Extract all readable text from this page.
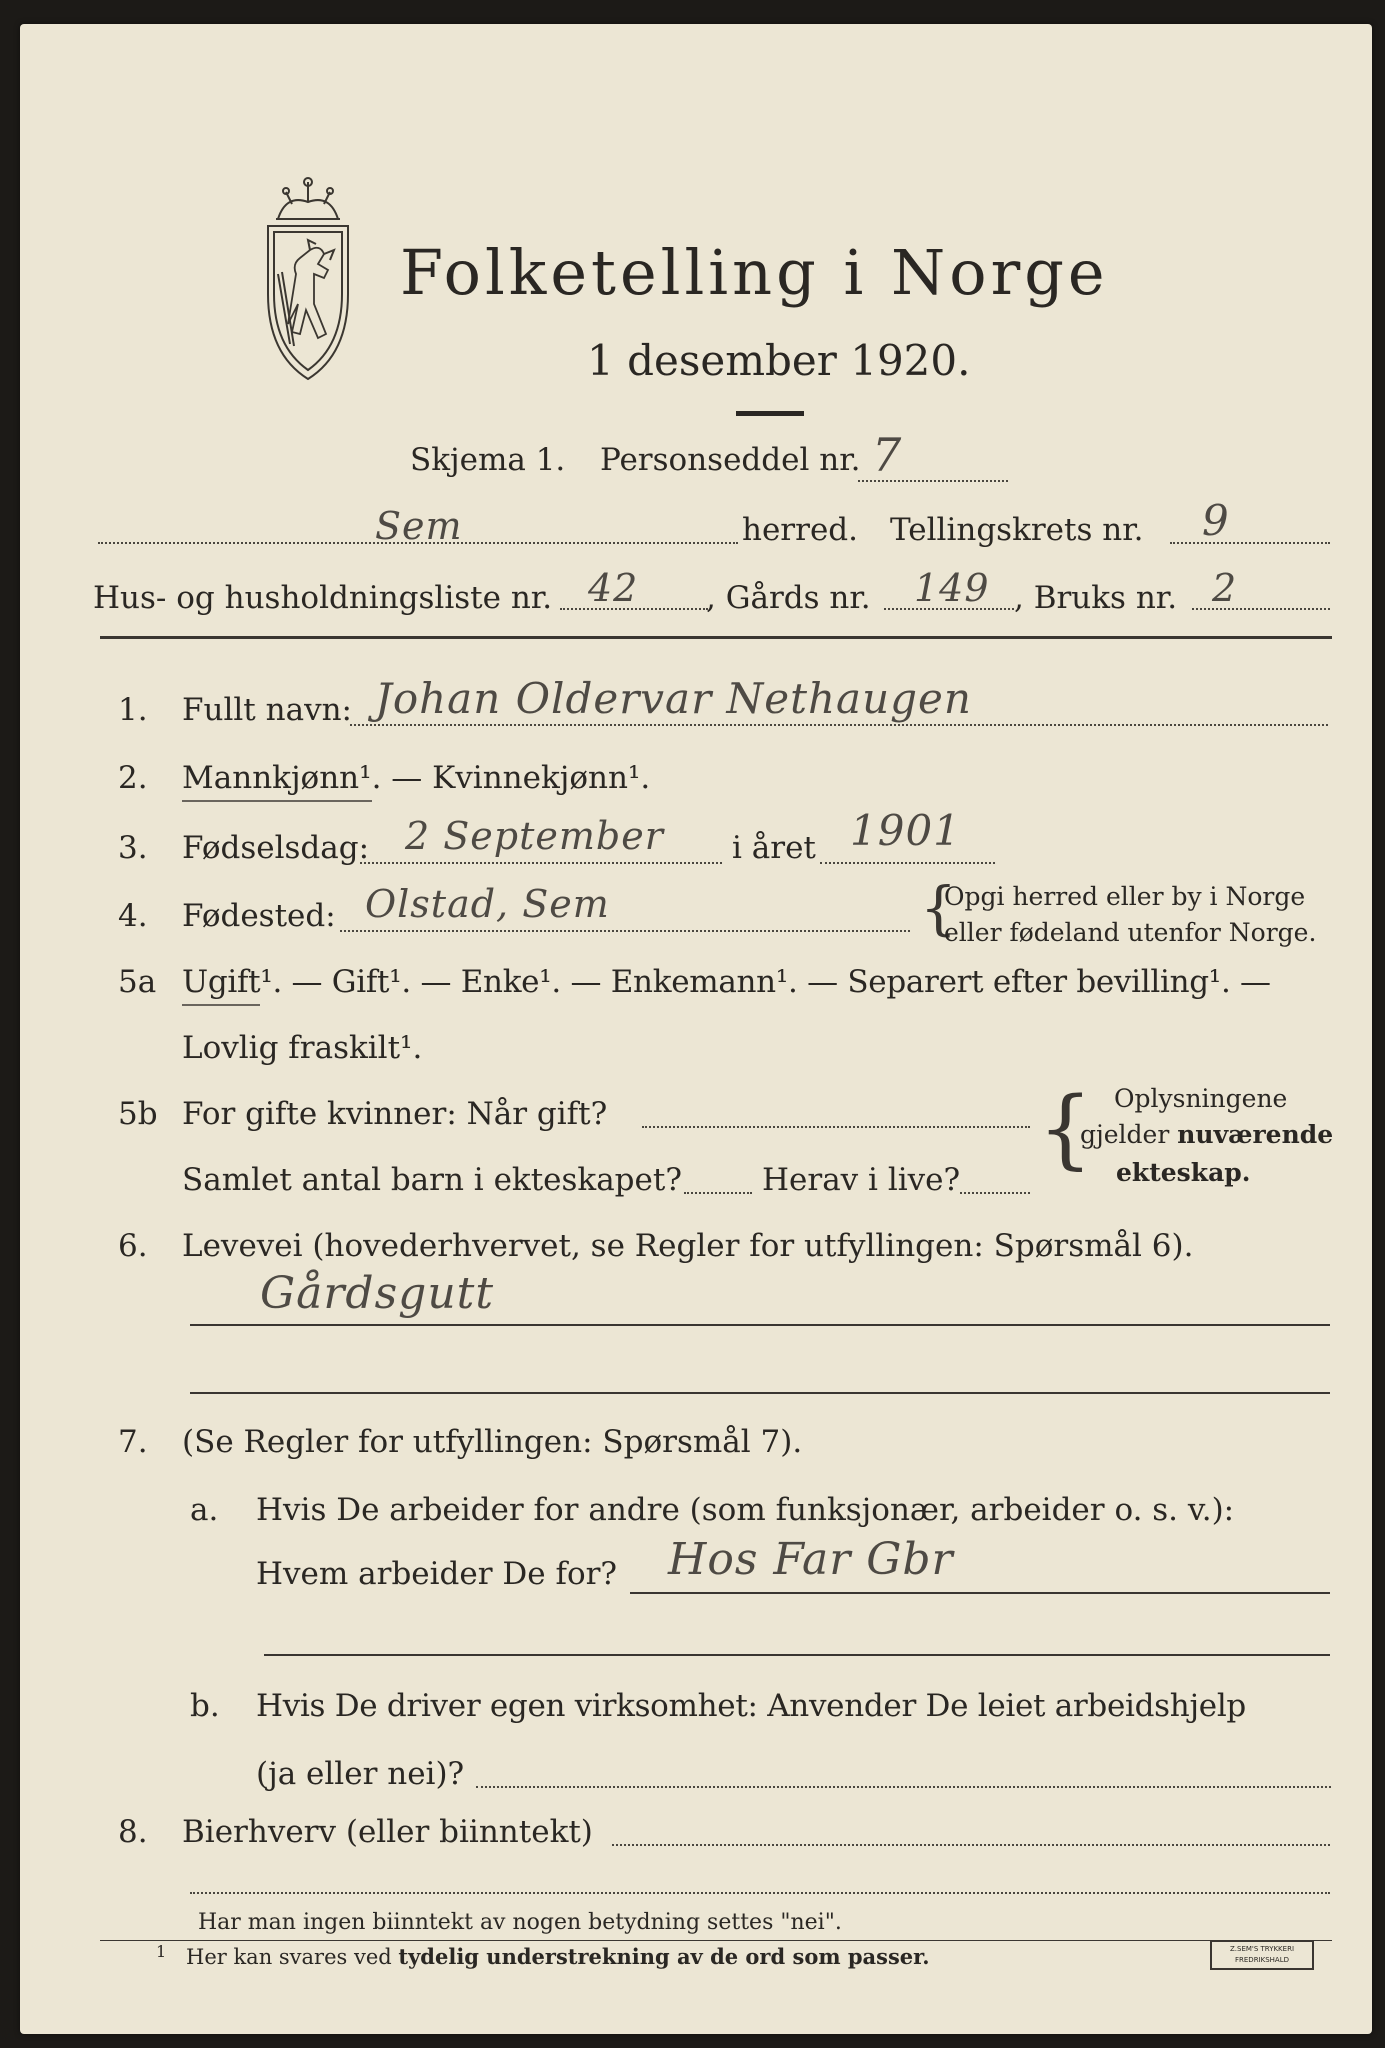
Folketelling i Norge
1 desember 1920.
Skjema 1. Personseddel nr. 7
Sem	herred. Tellingskrets nr. 9
Hus- og husholdningsliste nr. 42 , Gårds nr. 149 , Bruks nr. 2
1. Fullt navn: Johan Oldervar Nethaugen
2. Mannkjønn¹. — Kvinnekjønn¹.
3. Fødselsdag: 2 September i året 1901
4. Fødested: Olstad, Sem	{
Opgi herred eller by i Norge
eller fødeland utenfor Norge.
5a Ugift¹. — Gift¹. — Enke¹. — Enkemann¹. — Separert efter bevilling¹. —
Lovlig fraskilt¹.
5b For gifte kvinner: Når gift?
Samlet antal barn i ekteskapet?	Herav i live?
{ Oplysningene
gjelder nuværende
ekteskap.
6. Levevei (hovederhvervet, se Regler for utfyllingen: Spørsmål 6).
Gårdsgutt
7. (Se Regler for utfyllingen: Spørsmål 7).
a. Hvis De arbeider for andre (som funksjonær, arbeider o. s. v.):
Hvem arbeider De for? Hos Far Gbr
b. Hvis De driver egen virksomhet: Anvender De leiet arbeidshjelp
(ja eller nei)?
8. Bierhverv (eller biinntekt)
Har man ingen biinntekt av nogen betydning settes "nei".
1 Her kan svares ved tydelig understrekning av de ord som passer.	Z.SEM'S TRYKKERI
FREDRIKSHALD
